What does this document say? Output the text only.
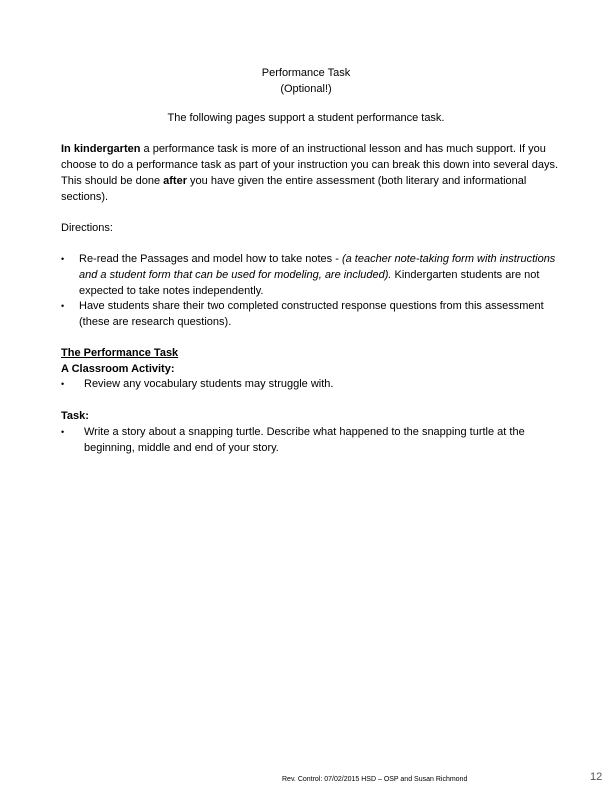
Performance Task
(Optional!)
The following pages support a student performance task.
In kindergarten a performance task is more of an instructional lesson and has much support. If you choose to do a performance task as part of your instruction you can break this down into several days. This should be done after you have given the entire assessment (both literary and informational sections).
Directions:
• Re-read the Passages and model how to take notes - (a teacher note-taking form with instructions and a student form that can be used for modeling, are included). Kindergarten students are not expected to take notes independently.
• Have students share their two completed constructed response questions from this assessment (these are research questions).
The Performance Task
A Classroom Activity:
• Review any vocabulary students may struggle with.
Task:
• Write a story about a snapping turtle. Describe what happened to the snapping turtle at the beginning, middle and end of your story.
Rev. Control: 07/02/2015 HSD – OSP and Susan Richmond	12
